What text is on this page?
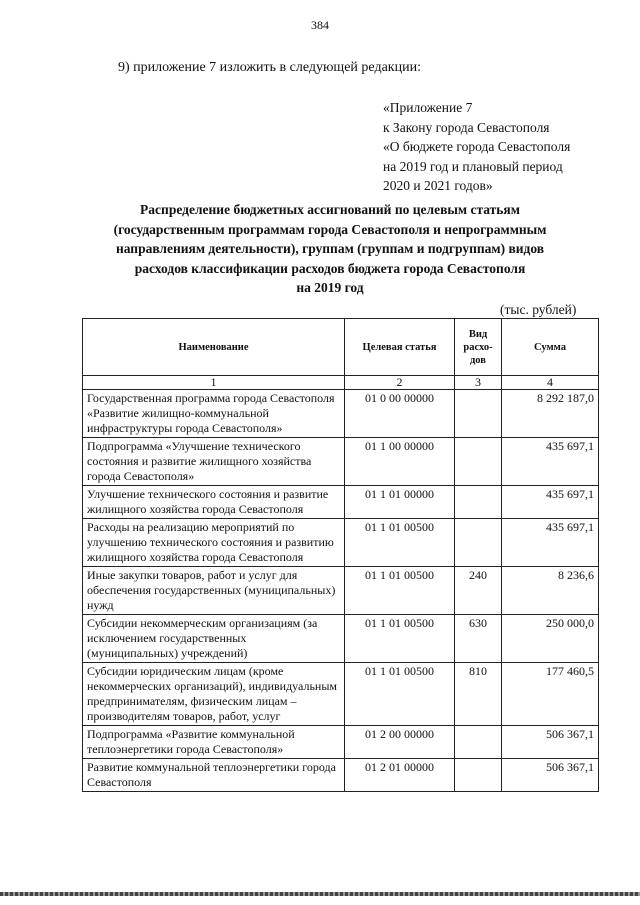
384
9) приложение 7 изложить в следующей редакции:
«Приложение 7
к Закону города Севастополя
«О бюджете города Севастополя
на 2019 год и плановый период
2020 и 2021 годов»
Распределение бюджетных ассигнований по целевым статьям
(государственным программам города Севастополя и непрограммным
направлениям деятельности), группам (группам и подгруппам) видов
расходов классификации расходов бюджета города Севастополя
на 2019 год
(тыс. рублей)
Наименование	Целевая статья	Вид расхо-дов	Сумма
1	2	3	4
Государственная программа города Севастополя «Развитие жилищно-коммунальной инфраструктуры города Севастополя»	01 0 00 00000		8 292 187,0
Подпрограмма «Улучшение технического состояния и развитие жилищного хозяйства города Севастополя»	01 1 00 00000		435 697,1
Улучшение технического состояния и развитие жилищного хозяйства города Севастополя	01 1 01 00000		435 697,1
Расходы на реализацию мероприятий по улучшению технического состояния и развитию жилищного хозяйства города Севастополя	01 1 01 00500		435 697,1
Иные закупки товаров, работ и услуг для обеспечения государственных (муниципальных) нужд	01 1 01 00500	240	8 236,6
Субсидии некоммерческим организациям (за исключением государственных (муниципальных) учреждений)	01 1 01 00500	630	250 000,0
Субсидии юридическим лицам (кроме некоммерческих организаций), индивидуальным предпринимателям, физическим лицам – производителям товаров, работ, услуг	01 1 01 00500	810	177 460,5
Подпрограмма «Развитие коммунальной теплоэнергетики города Севастополя»	01 2 00 00000		506 367,1
Развитие коммунальной теплоэнергетики города Севастополя	01 2 01 00000		506 367,1
